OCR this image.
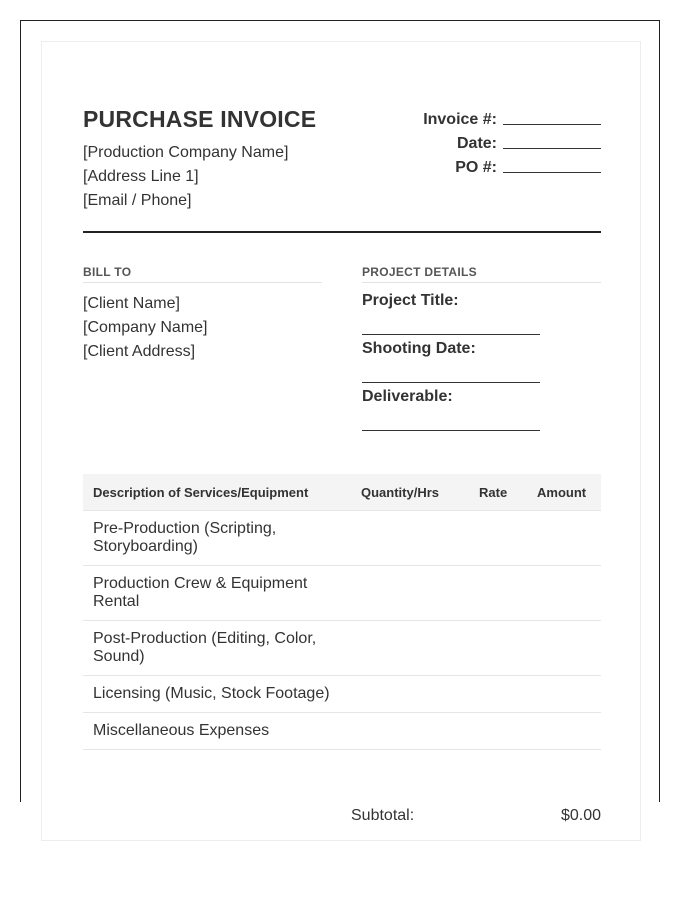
PURCHASE INVOICE
[Production Company Name]
[Address Line 1]
[Email / Phone]
Invoice #:
Date:
PO #:
BILL TO
[Client Name]
[Company Name]
[Client Address]
PROJECT DETAILS
Project Title:
Shooting Date:
Deliverable:
Description of Services/Equipment	Quantity/Hrs	Rate	Amount
Pre-Production (Scripting, Storyboarding)			
Production Crew & Equipment Rental			
Post-Production (Editing, Color, Sound)			
Licensing (Music, Stock Footage)			
Miscellaneous Expenses			
Subtotal:	$0.00
